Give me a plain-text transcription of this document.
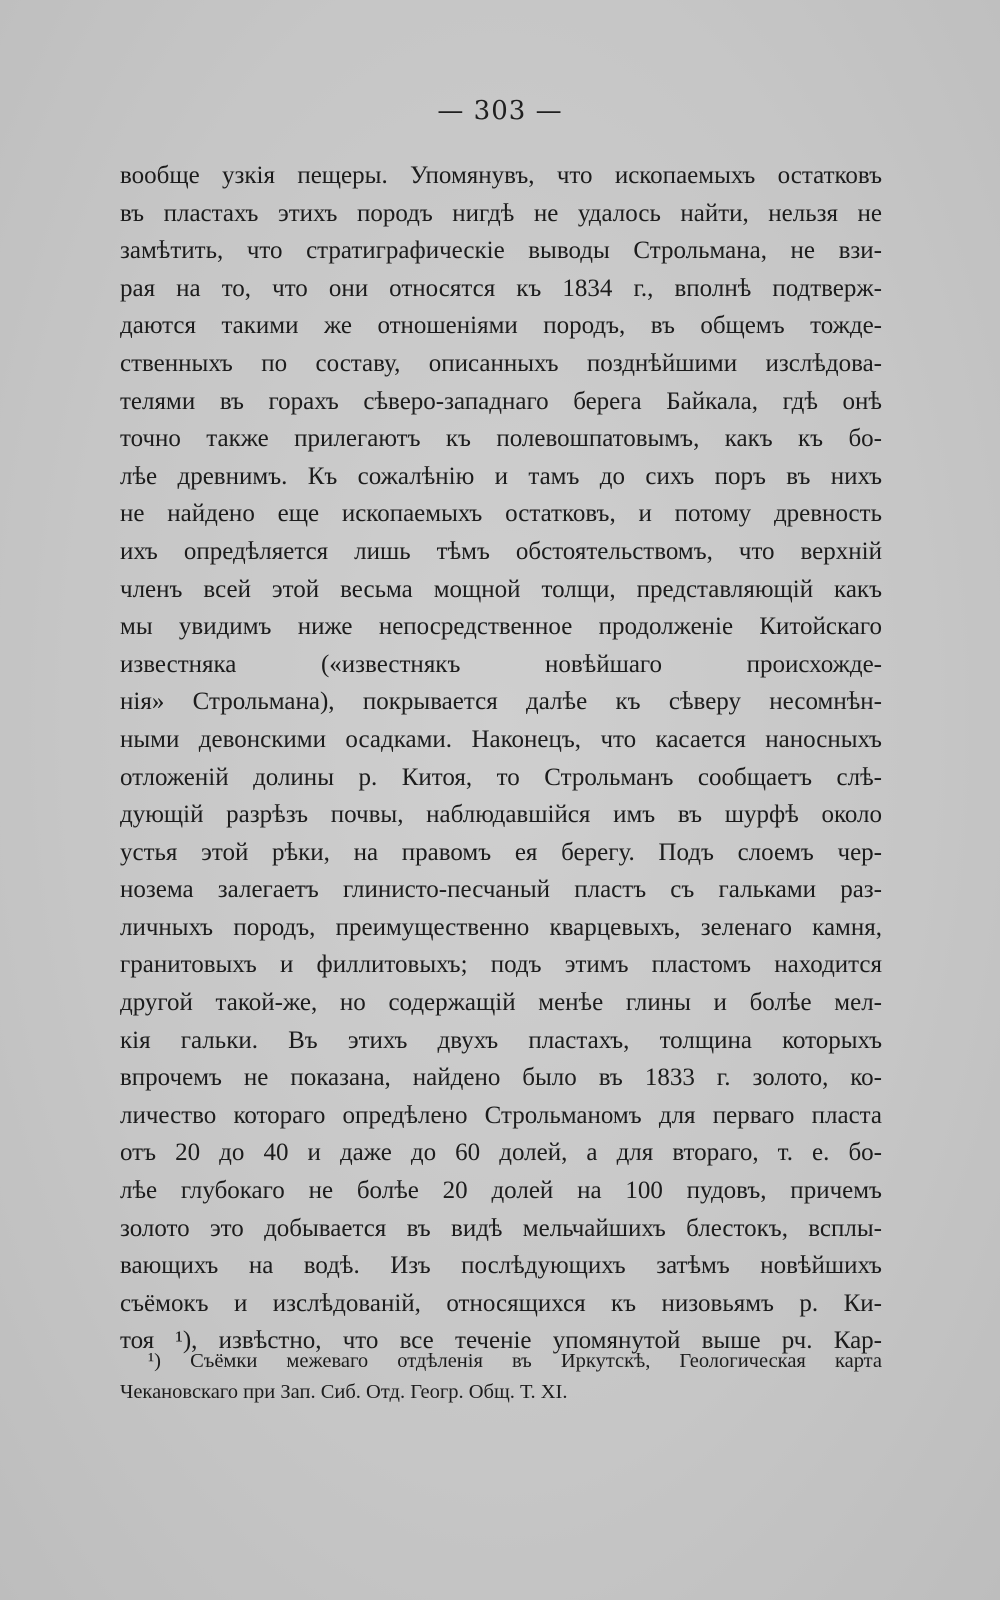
— 303 —
вообще узкія пещеры. Упомянувъ, что ископаемыхъ остатковъ
въ пластахъ этихъ породъ нигдѣ не удалось найти, нельзя не
замѣтить, что стратиграфическіе выводы Строльмана, не взи-
рая на то, что они относятся къ 1834 г., вполнѣ подтверж-
даются такими же отношеніями породъ, въ общемъ тожде-
ственныхъ по составу, описанныхъ позднѣйшими изслѣдова-
телями въ горахъ сѣверо-западнаго берега Байкала, гдѣ онѣ
точно также прилегаютъ къ полевошпатовымъ, какъ къ бо-
лѣе древнимъ. Къ сожалѣнію и тамъ до сихъ поръ въ нихъ
не найдено еще ископаемыхъ остатковъ, и потому древность
ихъ опредѣляется лишь тѣмъ обстоятельствомъ, что верхній
членъ всей этой весьма мощной толщи, представляющій какъ
мы увидимъ ниже непосредственное продолженіе Китойскаго
известняка («известнякъ новѣйшаго происхожде-
нія» Строльмана), покрывается далѣе къ сѣверу несомнѣн-
ными девонскими осадками. Наконецъ, что касается наносныхъ
отложеній долины р. Китоя, то Строльманъ сообщаетъ слѣ-
дующій разрѣзъ почвы, наблюдавшійся имъ въ шурфѣ около
устья этой рѣки, на правомъ ея берегу. Подъ слоемъ чер-
нозема залегаетъ глинисто-песчаный пластъ съ гальками раз-
личныхъ породъ, преимущественно кварцевыхъ, зеленаго камня,
гранитовыхъ и филлитовыхъ; подъ этимъ пластомъ находится
другой такой-же, но содержащій менѣе глины и болѣе мел-
кія гальки. Въ этихъ двухъ пластахъ, толщина которыхъ
впрочемъ не показана, найдено было въ 1833 г. золото, ко-
личество котораго опредѣлено Строльманомъ для перваго пласта
отъ 20 до 40 и даже до 60 долей, а для втораго, т. е. бо-
лѣе глубокаго не болѣе 20 долей на 100 пудовъ, причемъ
золото это добывается въ видѣ мельчайшихъ блестокъ, всплы-
вающихъ на водѣ. Изъ послѣдующихъ затѣмъ новѣйшихъ
съёмокъ и изслѣдованій, относящихся къ низовьямъ р. Ки-
тоя ¹), извѣстно, что все теченіе упомянутой выше рч. Кар-
¹) Съёмки межеваго отдѣленія въ Иркутскѣ, Геологическая карта
Чекановскаго при Зап. Сиб. Отд. Геогр. Общ. Т. XI.
